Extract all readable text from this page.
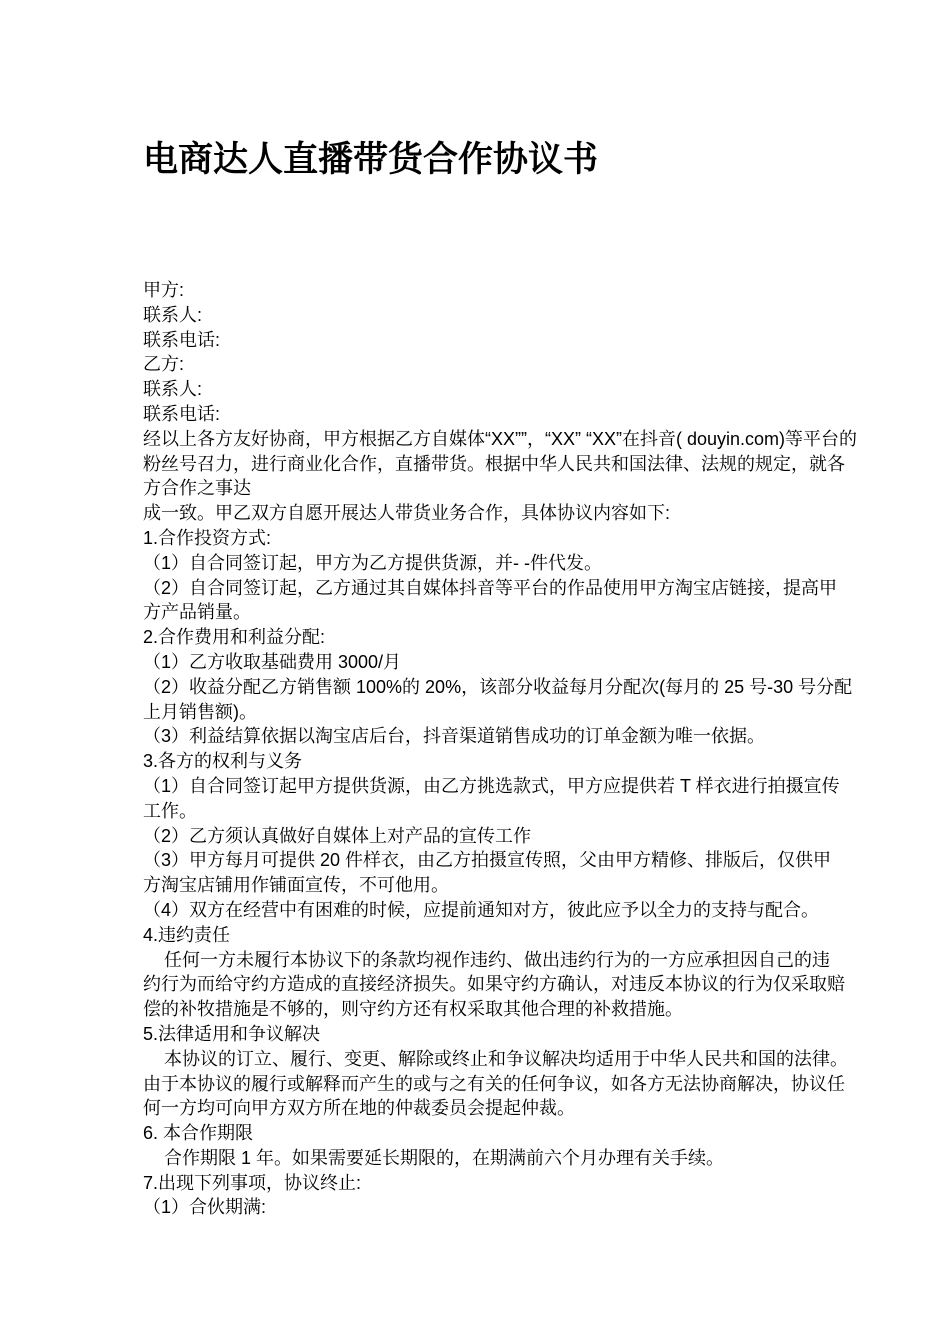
电商达人直播带货合作协议书
甲方:
联系人:
联系电话:
乙方:
联系人:
联系电话:
经以上各方友好协商，甲方根据乙方自媒体“XX””，“XX” “XX”在抖音( douyin.com)等平台的
粉丝号召力，进行商业化合作，直播带货。根据中华人民共和国法律、法规的规定，就各
方合作之事达
成一致。甲乙双方自愿开展达人带货业务合作，具体协议内容如下:
1.合作投资方式:
（1）自合同签订起，甲方为乙方提供货源，并- -件代发。
（2）自合同签订起，乙方通过其自媒体抖音等平台的作品使用甲方淘宝店链接，提高甲
方产品销量。
2.合作费用和利益分配:
（1）乙方收取基础费用 3000/月
（2）收益分配乙方销售额 100%的 20%，该部分收益每月分配次(每月的 25 号-30 号分配
上月销售额)。
（3）利益结算依据以淘宝店后台，抖音渠道销售成功的订单金额为唯一依据。
3.各方的权利与义务
（1）自合同签订起甲方提供货源，由乙方挑选款式，甲方应提供若 T 样衣进行拍摄宣传
工作。
（2）乙方须认真做好自媒体上对产品的宣传工作
（3）甲方每月可提供 20 件样衣，由乙方拍摄宣传照，父由甲方精修、排版后，仅供甲
方淘宝店铺用作铺面宣传，不可他用。
（4）双方在经营中有困难的时候，应提前通知对方，彼此应予以全力的支持与配合。
4.违约责任
任何一方未履行本协议下的条款均视作违约、做出违约行为的一方应承担因自己的违
约行为而给守约方造成的直接经济损失。如果守约方确认，对违反本协议的行为仅采取赔
偿的补牧措施是不够的，则守约方还有权采取其他合理的补救措施。
5.法律适用和争议解决
本协议的订立、履行、变更、解除或终止和争议解决均适用于中华人民共和国的法律。
由于本协议的履行或解释而产生的或与之有关的任何争议，如各方无法协商解决，协议任
何一方均可向甲方双方所在地的仲裁委员会提起仲裁。
6. 本合作期限
合作期限 1 年。如果需要延长期限的，在期满前六个月办理有关手续。
7.出现下列事项，协议终止:
（1）合伙期满:
